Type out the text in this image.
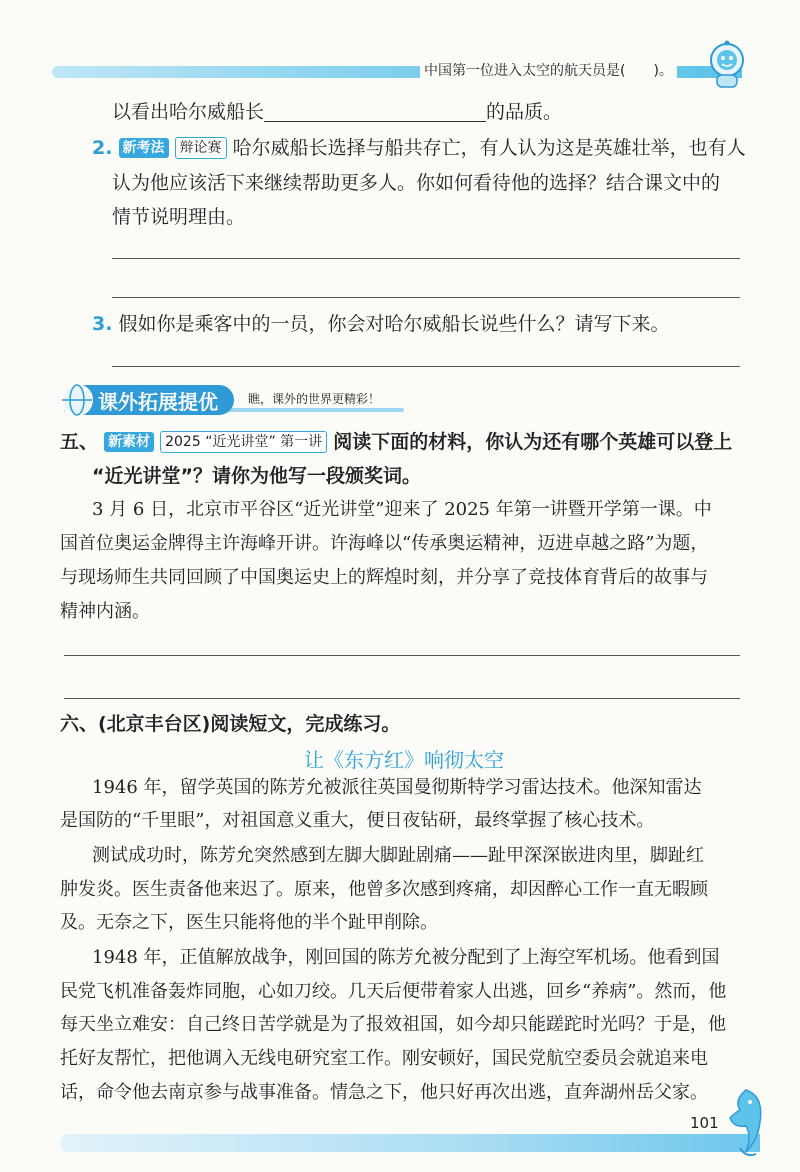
中国第一位进入太空的航天员是(　　)。
以看出哈尔威船长	的品质。
2. 新考法 辩论赛 哈尔威船长选择与船共存亡，有人认为这是英雄壮举，也有人
认为他应该活下来继续帮助更多人。你如何看待他的选择？结合课文中的
情节说明理由。
3. 假如你是乘客中的一员，你会对哈尔威船长说些什么？请写下来。
课外拓展提优	瞧，课外的世界更精彩！
五、 新素材 2025 “近光讲堂” 第一讲 阅读下面的材料，你认为还有哪个英雄可以登上
“近光讲堂”？请你为他写一段颁奖词。
3 月 6 日，北京市平谷区“近光讲堂”迎来了 2025 年第一讲暨开学第一课。中
国首位奥运金牌得主许海峰开讲。许海峰以“传承奥运精神，迈进卓越之路”为题，
与现场师生共同回顾了中国奥运史上的辉煌时刻，并分享了竞技体育背后的故事与
精神内涵。
六、(北京丰台区)阅读短文，完成练习。
让《东方红》响彻太空
1946 年，留学英国的陈芳允被派往英国曼彻斯特学习雷达技术。他深知雷达
是国防的“千里眼”，对祖国意义重大，便日夜钻研，最终掌握了核心技术。
测试成功时，陈芳允突然感到左脚大脚趾剧痛——趾甲深深嵌进肉里，脚趾红
肿发炎。医生责备他来迟了。原来，他曾多次感到疼痛，却因醉心工作一直无暇顾
及。无奈之下，医生只能将他的半个趾甲削除。
1948 年，正值解放战争，刚回国的陈芳允被分配到了上海空军机场。他看到国
民党飞机准备轰炸同胞，心如刀绞。几天后便带着家人出逃，回乡“养病”。然而，他
每天坐立难安：自己终日苦学就是为了报效祖国，如今却只能蹉跎时光吗？于是，他
托好友帮忙，把他调入无线电研究室工作。刚安顿好，国民党航空委员会就追来电
话，命令他去南京参与战事准备。情急之下，他只好再次出逃，直奔湖州岳父家。
101
